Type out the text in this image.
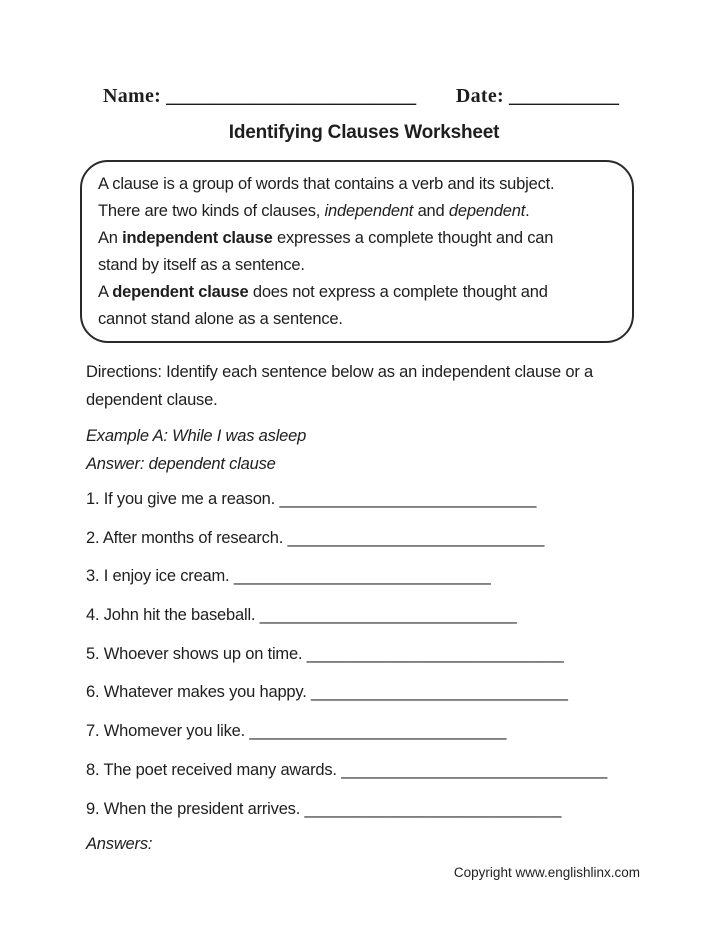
Name: _________________________ Date: ___________
Identifying Clauses Worksheet
A clause is a group of words that contains a verb and its subject.
There are two kinds of clauses, independent and dependent.
An independent clause expresses a complete thought and can
stand by itself as a sentence.
A dependent clause does not express a complete thought and
cannot stand alone as a sentence.
Directions: Identify each sentence below as an independent clause or a
dependent clause.
Example A: While I was asleep
Answer: dependent clause
1. If you give me a reason. ____________________________
2. After months of research. ____________________________
3. I enjoy ice cream. ____________________________
4. John hit the baseball. ____________________________
5. Whoever shows up on time. ____________________________
6. Whatever makes you happy. ____________________________
7. Whomever you like. ____________________________
8. The poet received many awards. _____________________________
9. When the president arrives. ____________________________
Answers:
Copyright www.englishlinx.com
